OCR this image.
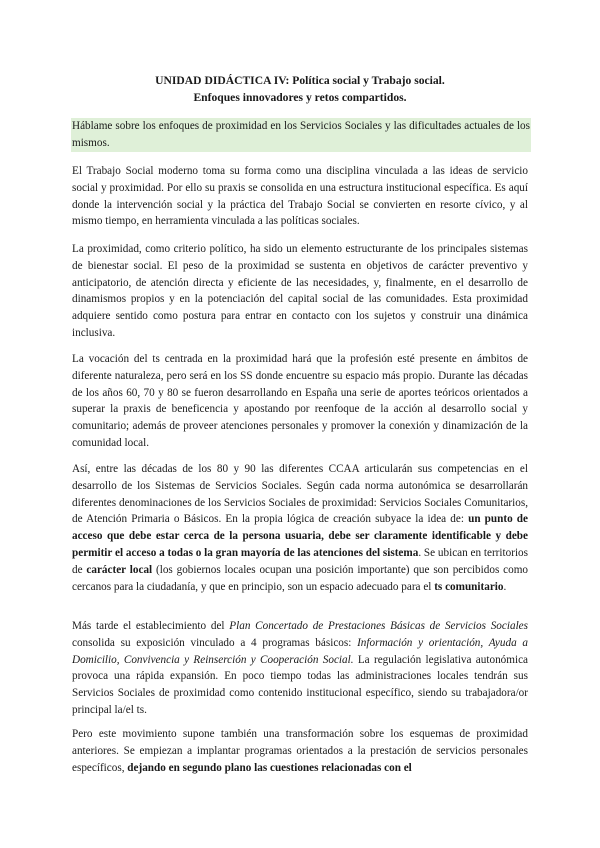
UNIDAD DIDÁCTICA IV: Política social y Trabajo social.
Enfoques innovadores y retos compartidos.
Háblame sobre los enfoques de proximidad en los Servicios Sociales y las dificultades actuales de los mismos.

El Trabajo Social moderno toma su forma como una disciplina vinculada a las ideas de servicio social y proximidad. Por ello su praxis se consolida en una estructura institucional específica. Es aquí donde la intervención social y la práctica del Trabajo Social se convierten en resorte cívico, y al mismo tiempo, en herramienta vinculada a las políticas sociales.

La proximidad, como criterio político, ha sido un elemento estructurante de los principales sistemas de bienestar social. El peso de la proximidad se sustenta en objetivos de carácter preventivo y anticipatorio, de atención directa y eficiente de las necesidades, y, finalmente, en el desarrollo de dinamismos propios y en la potenciación del capital social de las comunidades. Esta proximidad adquiere sentido como postura para entrar en contacto con los sujetos y construir una dinámica inclusiva.

La vocación del ts centrada en la proximidad hará que la profesión esté presente en ámbitos de diferente naturaleza, pero será en los SS donde encuentre su espacio más propio. Durante las décadas de los años 60, 70 y 80 se fueron desarrollando en España una serie de aportes teóricos orientados a superar la praxis de beneficencia y apostando por reenfoque de la acción al desarrollo social y comunitario; además de proveer atenciones personales y promover la conexión y dinamización de la comunidad local.

Así, entre las décadas de los 80 y 90 las diferentes CCAA articularán sus competencias en el desarrollo de los Sistemas de Servicios Sociales. Según cada norma autonómica se desarrollarán diferentes denominaciones de los Servicios Sociales de proximidad: Servicios Sociales Comunitarios, de Atención Primaria o Básicos. En la propia lógica de creación subyace la idea de: un punto de acceso que debe estar cerca de la persona usuaria, debe ser claramente identificable y debe permitir el acceso a todas o la gran mayoría de las atenciones del sistema. Se ubican en territorios de carácter local (los gobiernos locales ocupan una posición importante) que son percibidos como cercanos para la ciudadanía, y que en principio, son un espacio adecuado para el ts comunitario.

Más tarde el establecimiento del Plan Concertado de Prestaciones Básicas de Servicios Sociales consolida su exposición vinculado a 4 programas básicos: Información y orientación, Ayuda a Domicilio, Convivencia y Reinserción y Cooperación Social. La regulación legislativa autonómica provoca una rápida expansión. En poco tiempo todas las administraciones locales tendrán sus Servicios Sociales de proximidad como contenido institucional específico, siendo su trabajadora/or principal la/el ts.

Pero este movimiento supone también una transformación sobre los esquemas de proximidad anteriores. Se empiezan a implantar programas orientados a la prestación de servicios personales específicos, dejando en segundo plano las cuestiones relacionadas con el
